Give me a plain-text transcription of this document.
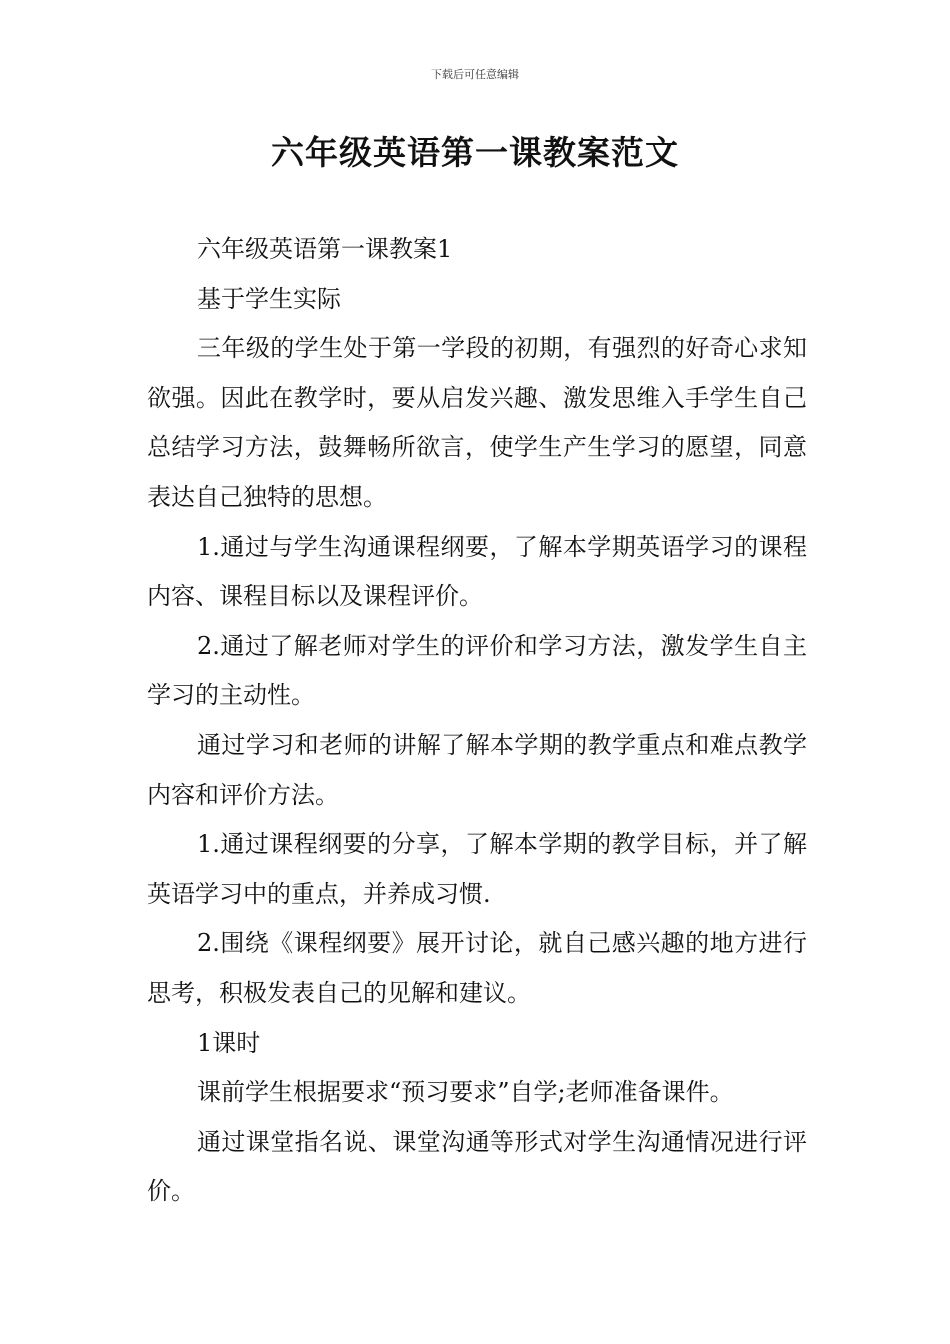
下载后可任意编辑
六年级英语第一课教案范文

六年级英语第一课教案1

基于学生实际

三年级的学生处于第一学段的初期，有强烈的好奇心求知欲强。因此在教学时，要从启发兴趣、激发思维入手学生自己总结学习方法，鼓舞畅所欲言，使学生产生学习的愿望，同意表达自己独特的思想。

1.通过与学生沟通课程纲要，了解本学期英语学习的课程内容、课程目标以及课程评价。

2.通过了解老师对学生的评价和学习方法，激发学生自主学习的主动性。

通过学习和老师的讲解了解本学期的教学重点和难点教学内容和评价方法。

1.通过课程纲要的分享，了解本学期的教学目标，并了解英语学习中的重点，并养成习惯.

2.围绕《课程纲要》展开讨论，就自己感兴趣的地方进行思考，积极发表自己的见解和建议。

1课时

课前学生根据要求“预习要求”自学;老师准备课件。

通过课堂指名说、课堂沟通等形式对学生沟通情况进行评价。
